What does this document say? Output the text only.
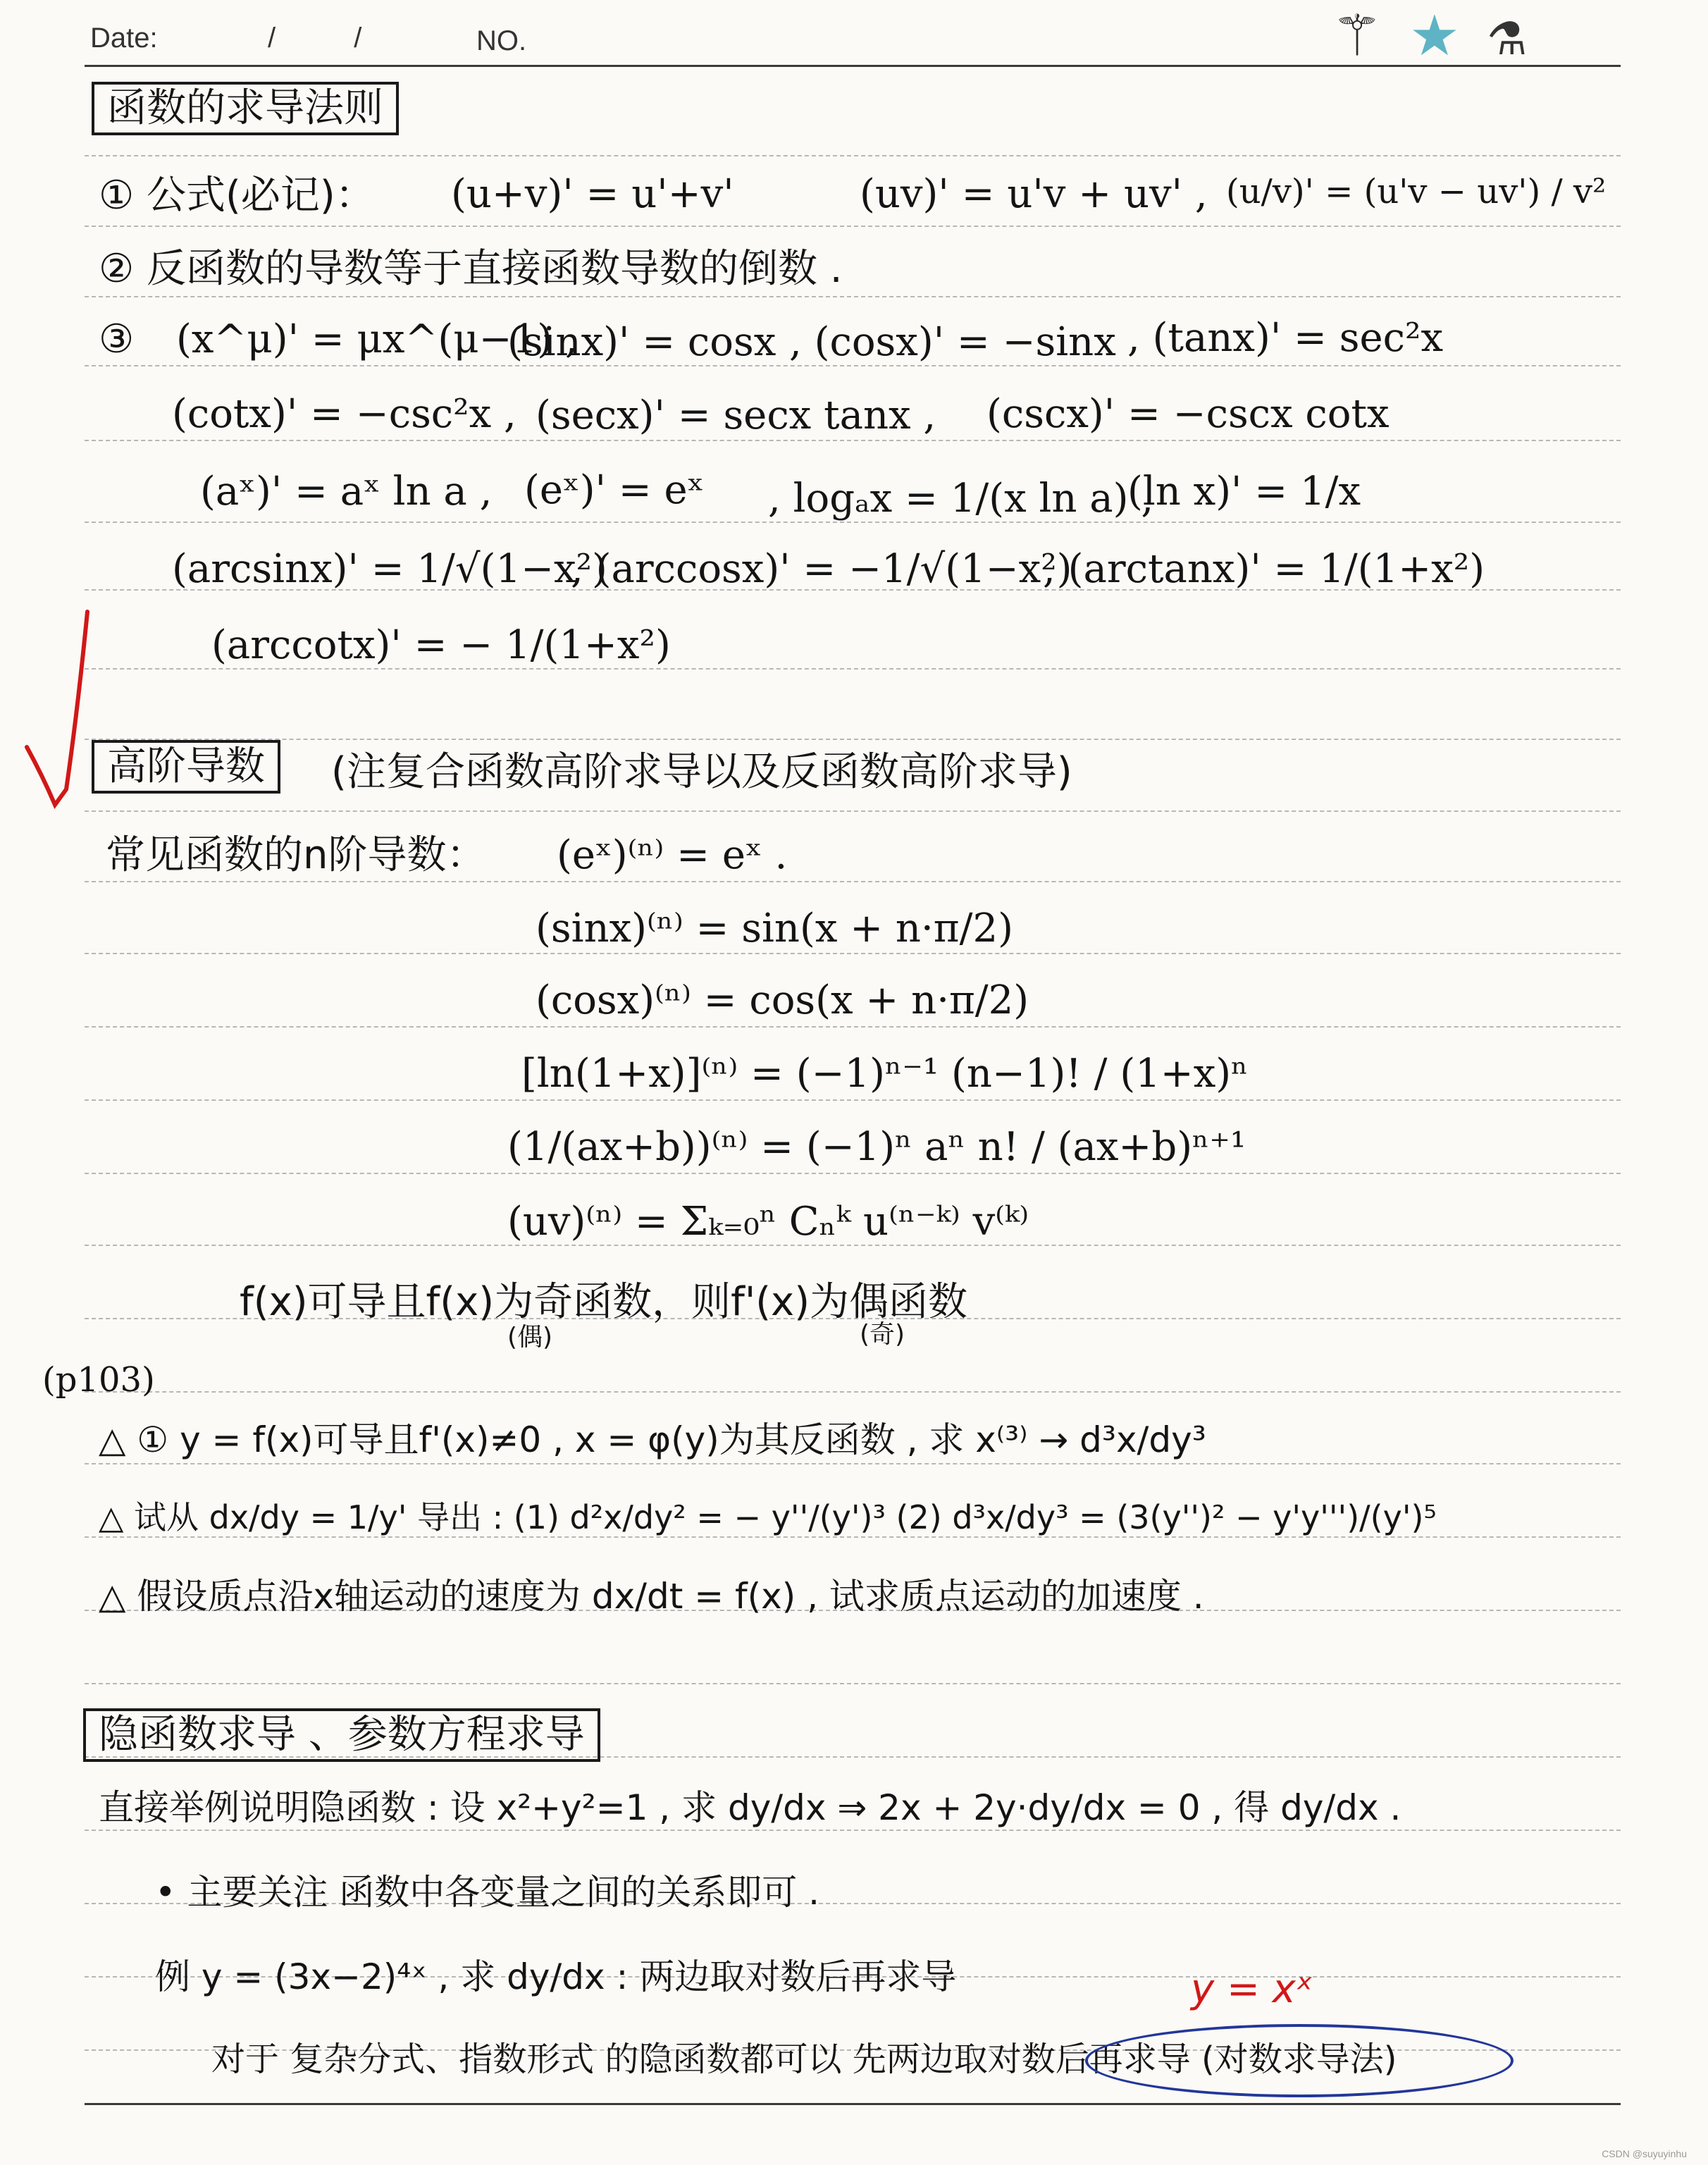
Date:	/          /	NO.	⚚ ★ ⚗
函数的求导法则
① 公式(必记)： (u+v)' = u'+v'	(uv)' = u'v + uv' , (u/v)' = (u'v − uv') / v²
② 反函数的导数等于直接函数导数的倒数 .
③ (x^μ)' = μx^(μ−1) ,
(sinx)' = cosx , (cosx)' = −sinx , (tanx)' = sec²x
(cotx)' = −csc²x , (secx)' = secx tanx , (cscx)' = −cscx cotx
(aˣ)' = aˣ ln a , (eˣ)' = eˣ , logₐx = 1/(x ln a) ,
(ln x)' = 1/x
(arcsinx)' = 1/√(1−x²)
, (arccosx)' = −1/√(1−x²)
, (arctanx)' = 1/(1+x²)
(arccotx)' = − 1/(1+x²)
高阶导数	(注复合函数高阶求导以及反函数高阶求导)
常见函数的n阶导数： (eˣ)⁽ⁿ⁾ = eˣ .
(sinx)⁽ⁿ⁾ = sin(x + n·π/2)
(cosx)⁽ⁿ⁾ = cos(x + n·π/2)
[ln(1+x)]⁽ⁿ⁾ = (−1)ⁿ⁻¹ (n−1)! / (1+x)ⁿ
(1/(ax+b))⁽ⁿ⁾ = (−1)ⁿ aⁿ n! / (ax+b)ⁿ⁺¹
(uv)⁽ⁿ⁾ = Σₖ₌₀ⁿ Cₙᵏ u⁽ⁿ⁻ᵏ⁾ v⁽ᵏ⁾
f(x)可导且f(x)为奇函数，则f'(x)为偶函数
(偶)	(奇)
(p103)
△ ① y = f(x)可导且f'(x)≠0 , x = φ(y)为其反函数 , 求 x⁽³⁾ → d³x/dy³
△ 试从 dx/dy = 1/y' 导出 : (1) d²x/dy² = − y''/(y')³ (2) d³x/dy³ = (3(y'')² − y'y''')/(y')⁵
△ 假设质点沿x轴运动的速度为 dx/dt = f(x) , 试求质点运动的加速度 .
隐函数求导 、参数方程求导
直接举例说明隐函数 : 设 x²+y²=1 , 求 dy/dx ⇒ 2x + 2y·dy/dx = 0 , 得 dy/dx .
• 主要关注 函数中各变量之间的关系即可 .
例 y = (3x−2)⁴ˣ , 求 dy/dx : 两边取对数后再求导	y = xˣ
对于 复杂分式、指数形式 的隐函数都可以 先两边取对数后再求导 (对数求导法)
CSDN @suyuyinhu
